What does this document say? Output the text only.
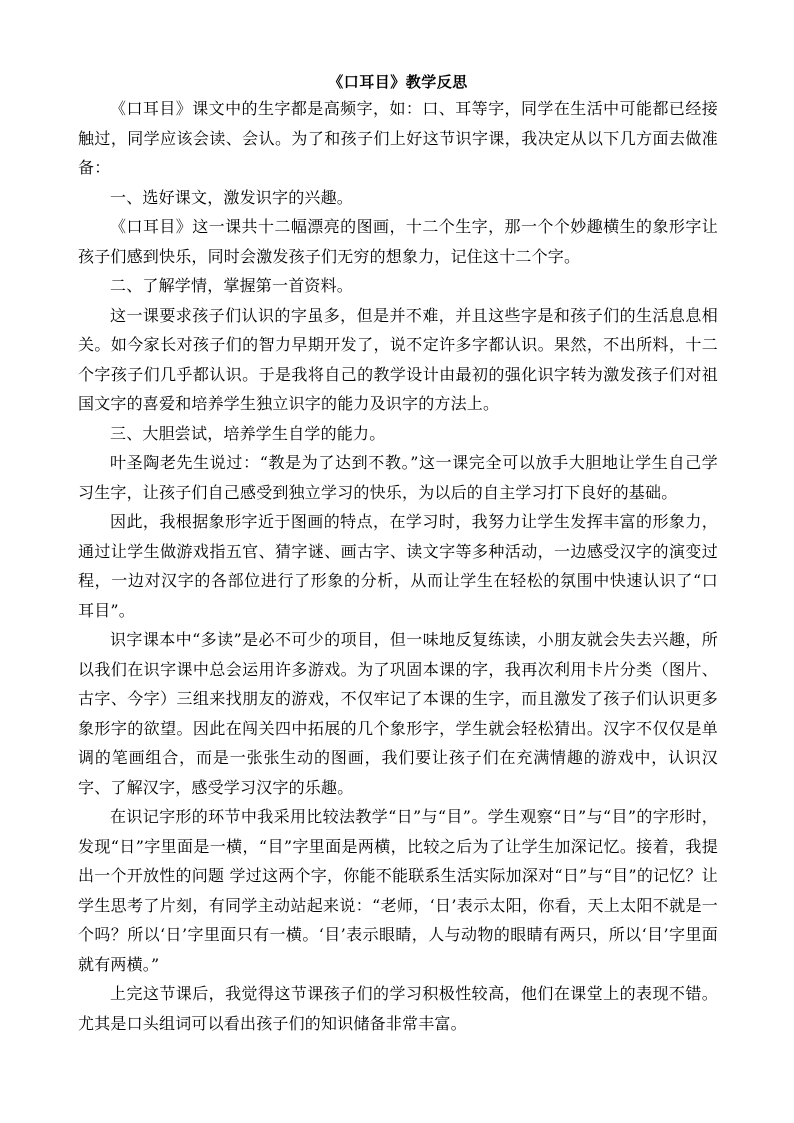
《口耳目》教学反思

《口耳目》课文中的生字都是高频字，如：口、耳等字，同学在生活中可能都已经接触过，同学应该会读、会认。为了和孩子们上好这节识字课，我决定从以下几方面去做准备：

一、选好课文，激发识字的兴趣。

《口耳目》这一课共十二幅漂亮的图画，十二个生字，那一个个妙趣横生的象形字让孩子们感到快乐，同时会激发孩子们无穷的想象力，记住这十二个字。

二、了解学情，掌握第一首资料。

这一课要求孩子们认识的字虽多，但是并不难，并且这些字是和孩子们的生活息息相关。如今家长对孩子们的智力早期开发了，说不定许多字都认识。果然，不出所料，十二个字孩子们几乎都认识。于是我将自己的教学设计由最初的强化识字转为激发孩子们对祖国文字的喜爱和培养学生独立识字的能力及识字的方法上。

三、大胆尝试，培养学生自学的能力。

叶圣陶老先生说过：“教是为了达到不教。”这一课完全可以放手大胆地让学生自己学习生字，让孩子们自己感受到独立学习的快乐，为以后的自主学习打下良好的基础。

因此，我根据象形字近于图画的特点，在学习时，我努力让学生发挥丰富的形象力，通过让学生做游戏指五官、猜字谜、画古字、读文字等多种活动，一边感受汉字的演变过程，一边对汉字的各部位进行了形象的分析，从而让学生在轻松的氛围中快速认识了“口耳目”。

识字课本中“多读”是必不可少的项目，但一味地反复练读，小朋友就会失去兴趣，所以我们在识字课中总会运用许多游戏。为了巩固本课的字，我再次利用卡片分类（图片、古字、今字）三组来找朋友的游戏，不仅牢记了本课的生字，而且激发了孩子们认识更多象形字的欲望。因此在闯关四中拓展的几个象形字，学生就会轻松猜出。汉字不仅仅是单调的笔画组合，而是一张张生动的图画，我们要让孩子们在充满情趣的游戏中，认识汉字、了解汉字，感受学习汉字的乐趣。

在识记字形的环节中我采用比较法教学“日”与“目”。学生观察“日”与“目”的字形时，发现“日”字里面是一横，“目”字里面是两横，比较之后为了让学生加深记忆。接着，我提出一个开放性的问题 学过这两个字，你能不能联系生活实际加深对“日”与“目”的记忆？让学生思考了片刻，有同学主动站起来说：“老师，‘日’表示太阳，你看，天上太阳不就是一个吗？所以‘日’字里面只有一横。‘目’表示眼睛，人与动物的眼睛有两只，所以‘目’字里面就有两横。”

上完这节课后，我觉得这节课孩子们的学习积极性较高，他们在课堂上的表现不错。尤其是口头组词可以看出孩子们的知识储备非常丰富。
